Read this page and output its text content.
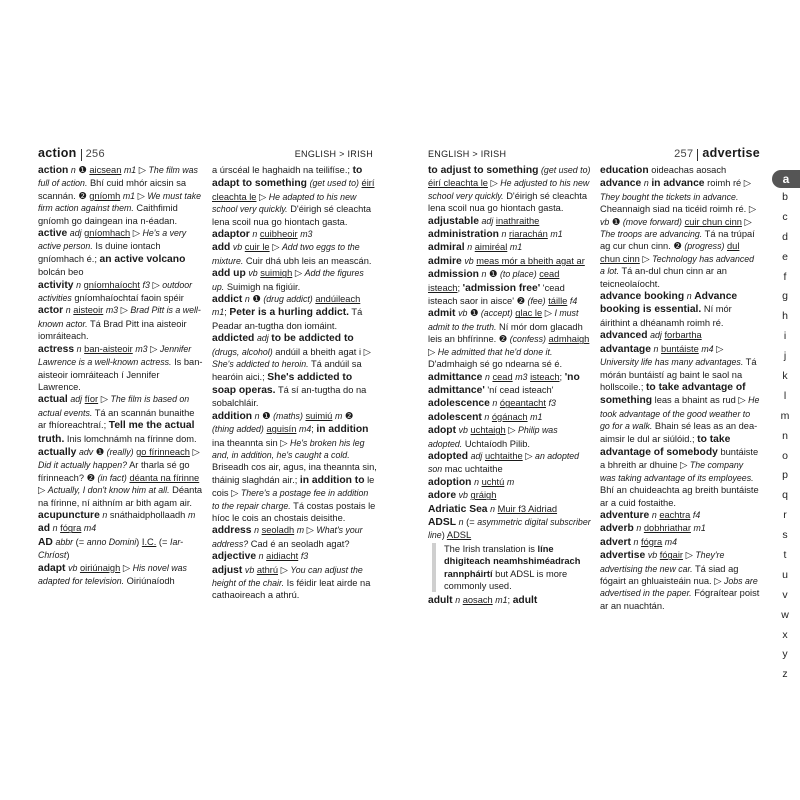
action 256	ENGLISH > IRISH	ENGLISH > IRISH	257 advertise

action n ❶ aicsean m1 ▷ The film was full of action. Bhí cuid mhór aicsin sa scannán. ❷ gníomh m1 ▷ We must take firm action against them. Caithfimid gníomh go daingean ina n-éadan.

active adj gníomhach ▷ He's a very active person. Is duine iontach gníomhach é.; an active volcano bolcán beo

activity n gníomhaíocht f3 ▷ outdoor activities gníomhaíochtaí faoin spéir

actor n aisteoir m3 ▷ Brad Pitt is a well-known actor. Tá Brad Pitt ina aisteoir iomráiteach.

actress n ban-aisteoir m3 ▷ Jennifer Lawrence is a well-known actress. Is ban-aisteoir iomráiteach í Jennifer Lawrence.

actual adj fíor ▷ The film is based on actual events. Tá an scannán bunaithe ar fhíoreachtraí.; Tell me the actual truth. Inis lomchnámh na fírinne dom.

actually adv ❶ (really) go fírinneach ▷ Did it actually happen? Ar tharla sé go fírinneach? ❷ (in fact) déanta na fírinne ▷ Actually, I don't know him at all. Déanta na fírinne, ní aithním ar bith agam air.

acupuncture n snáthaidphollaadh m

ad n fógra m4

AD abbr (= anno Domini) I.C. (= Iar-Chríost)

adapt vb oiriúnaigh ▷ His novel was adapted for television. Oiriúnaíodh

a úrscéal le haghaidh na teilifíse.; to adapt to something (get used to) éirí cleachta le ▷ He adapted to his new school very quickly. D'éirigh sé cleachta lena scoil nua go hiontach gasta.

adaptor n cuibheoir m3

add vb cuir le ▷ Add two eggs to the mixture. Cuir dhá ubh leis an meascán.

add up vb suimigh ▷ Add the figures up. Suimigh na figiúir.

addict n ❶ (drug addict) andúileach m1; Peter is a hurling addict. Tá Peadar an-tugtha don iomáint.

addicted adj to be addicted to (drugs, alcohol) andúil a bheith agat i ▷ She's addicted to heroin. Tá andúil sa hearóin aici.; She's addicted to soap operas. Tá sí an-tugtha do na sobalchláir.

addition n ❶ (maths) suimiú m ❷ (thing added) aguisín m4; in addition ina theannta sin ▷ He's broken his leg and, in addition, he's caught a cold. Briseadh cos air, agus, ina theannta sin, tháinig slaghdán air.; in addition to le cois ▷ There's a postage fee in addition to the repair charge. Tá costas postais le híoc le cois an chostais deisithe.

address n seoladh m ▷ What's your address? Cad é an seoladh agat?

adjective n aidiacht f3

adjust vb athrú ▷ You can adjust the height of the chair. Is féidir leat airde na cathaoireach a athrú.

to adjust to something (get used to) éirí cleachta le ▷ He adjusted to his new school very quickly. D'éirigh sé cleachta lena scoil nua go hiontach gasta.

adjustable adj inathraithe

administration n riarachán m1

admiral n aimiréal m1

admire vb meas mór a bheith agat ar

admission n ❶ (to place) cead isteach; 'admission free' 'cead isteach saor in aisce' ❷ (fee) táille f4

admit vb ❶ (accept) glac le ▷ I must admit to the truth. Ní mór dom glacadh leis an bhfírinne. ❷ (confess) admhaigh ▷ He admitted that he'd done it. D'admhaigh sé go ndearna sé é.

admittance n cead m3 isteach; 'no admittance' 'ní cead isteach'

adolescence n ógeantacht f3

adolescent n ógánach m1

adopt vb uchtaigh ▷ Philip was adopted. Uchtaíodh Pilib.

adopted adj uchtaithe ▷ an adopted son mac uchtaithe

adoption n uchtú m

adore vb gráigh

Adriatic Sea n Muir f3 Aidriad

ADSL n (= asymmetric digital subscriber line) ADSL

The Irish translation is líne dhigiteach neamhshiméadrach rannpháirtí but ADSL is more commonly used.

adult n aosach m1; adult

education oideachas aosach

advance n in advance roimh ré ▷ They bought the tickets in advance. Cheannaigh siad na ticéid roimh ré. ▷ vb ❶ (move forward) cuir chun cinn ▷ The troops are advancing. Tá na trúpaí ag cur chun cinn. ❷ (progress) dul chun cinn ▷ Technology has advanced a lot. Tá an-dul chun cinn ar an teicneolaíocht.

advance booking n Advance booking is essential. Ní mór áirithint a dhéanamh roimh ré.

advanced adj forbartha

advantage n buntáiste m4 ▷ University life has many advantages. Tá mórán buntáistí ag baint le saol na hollscoile.; to take advantage of something leas a bhaint as rud ▷ He took advantage of the good weather to go for a walk. Bhain sé leas as an dea-aimsir le dul ar siúlóid.; to take advantage of somebody buntáiste a bhreith ar dhuine ▷ The company was taking advantage of its employees. Bhí an chuideachta ag breith buntáiste ar a cuid fostaithe.

adventure n eachtra f4

adverb n dobhriathar m1

advert n fógra m4

advertise vb fógair ▷ They're advertising the new car. Tá siad ag fógairt an ghluaisteáin nua. ▷ Jobs are advertised in the paper. Fógraítear poist ar an nuachtán.

a
b
c
d
e
f
g
h
i
j
k
l
m
n
o
p
q
r
s
t
u
v
w
x
y
z
